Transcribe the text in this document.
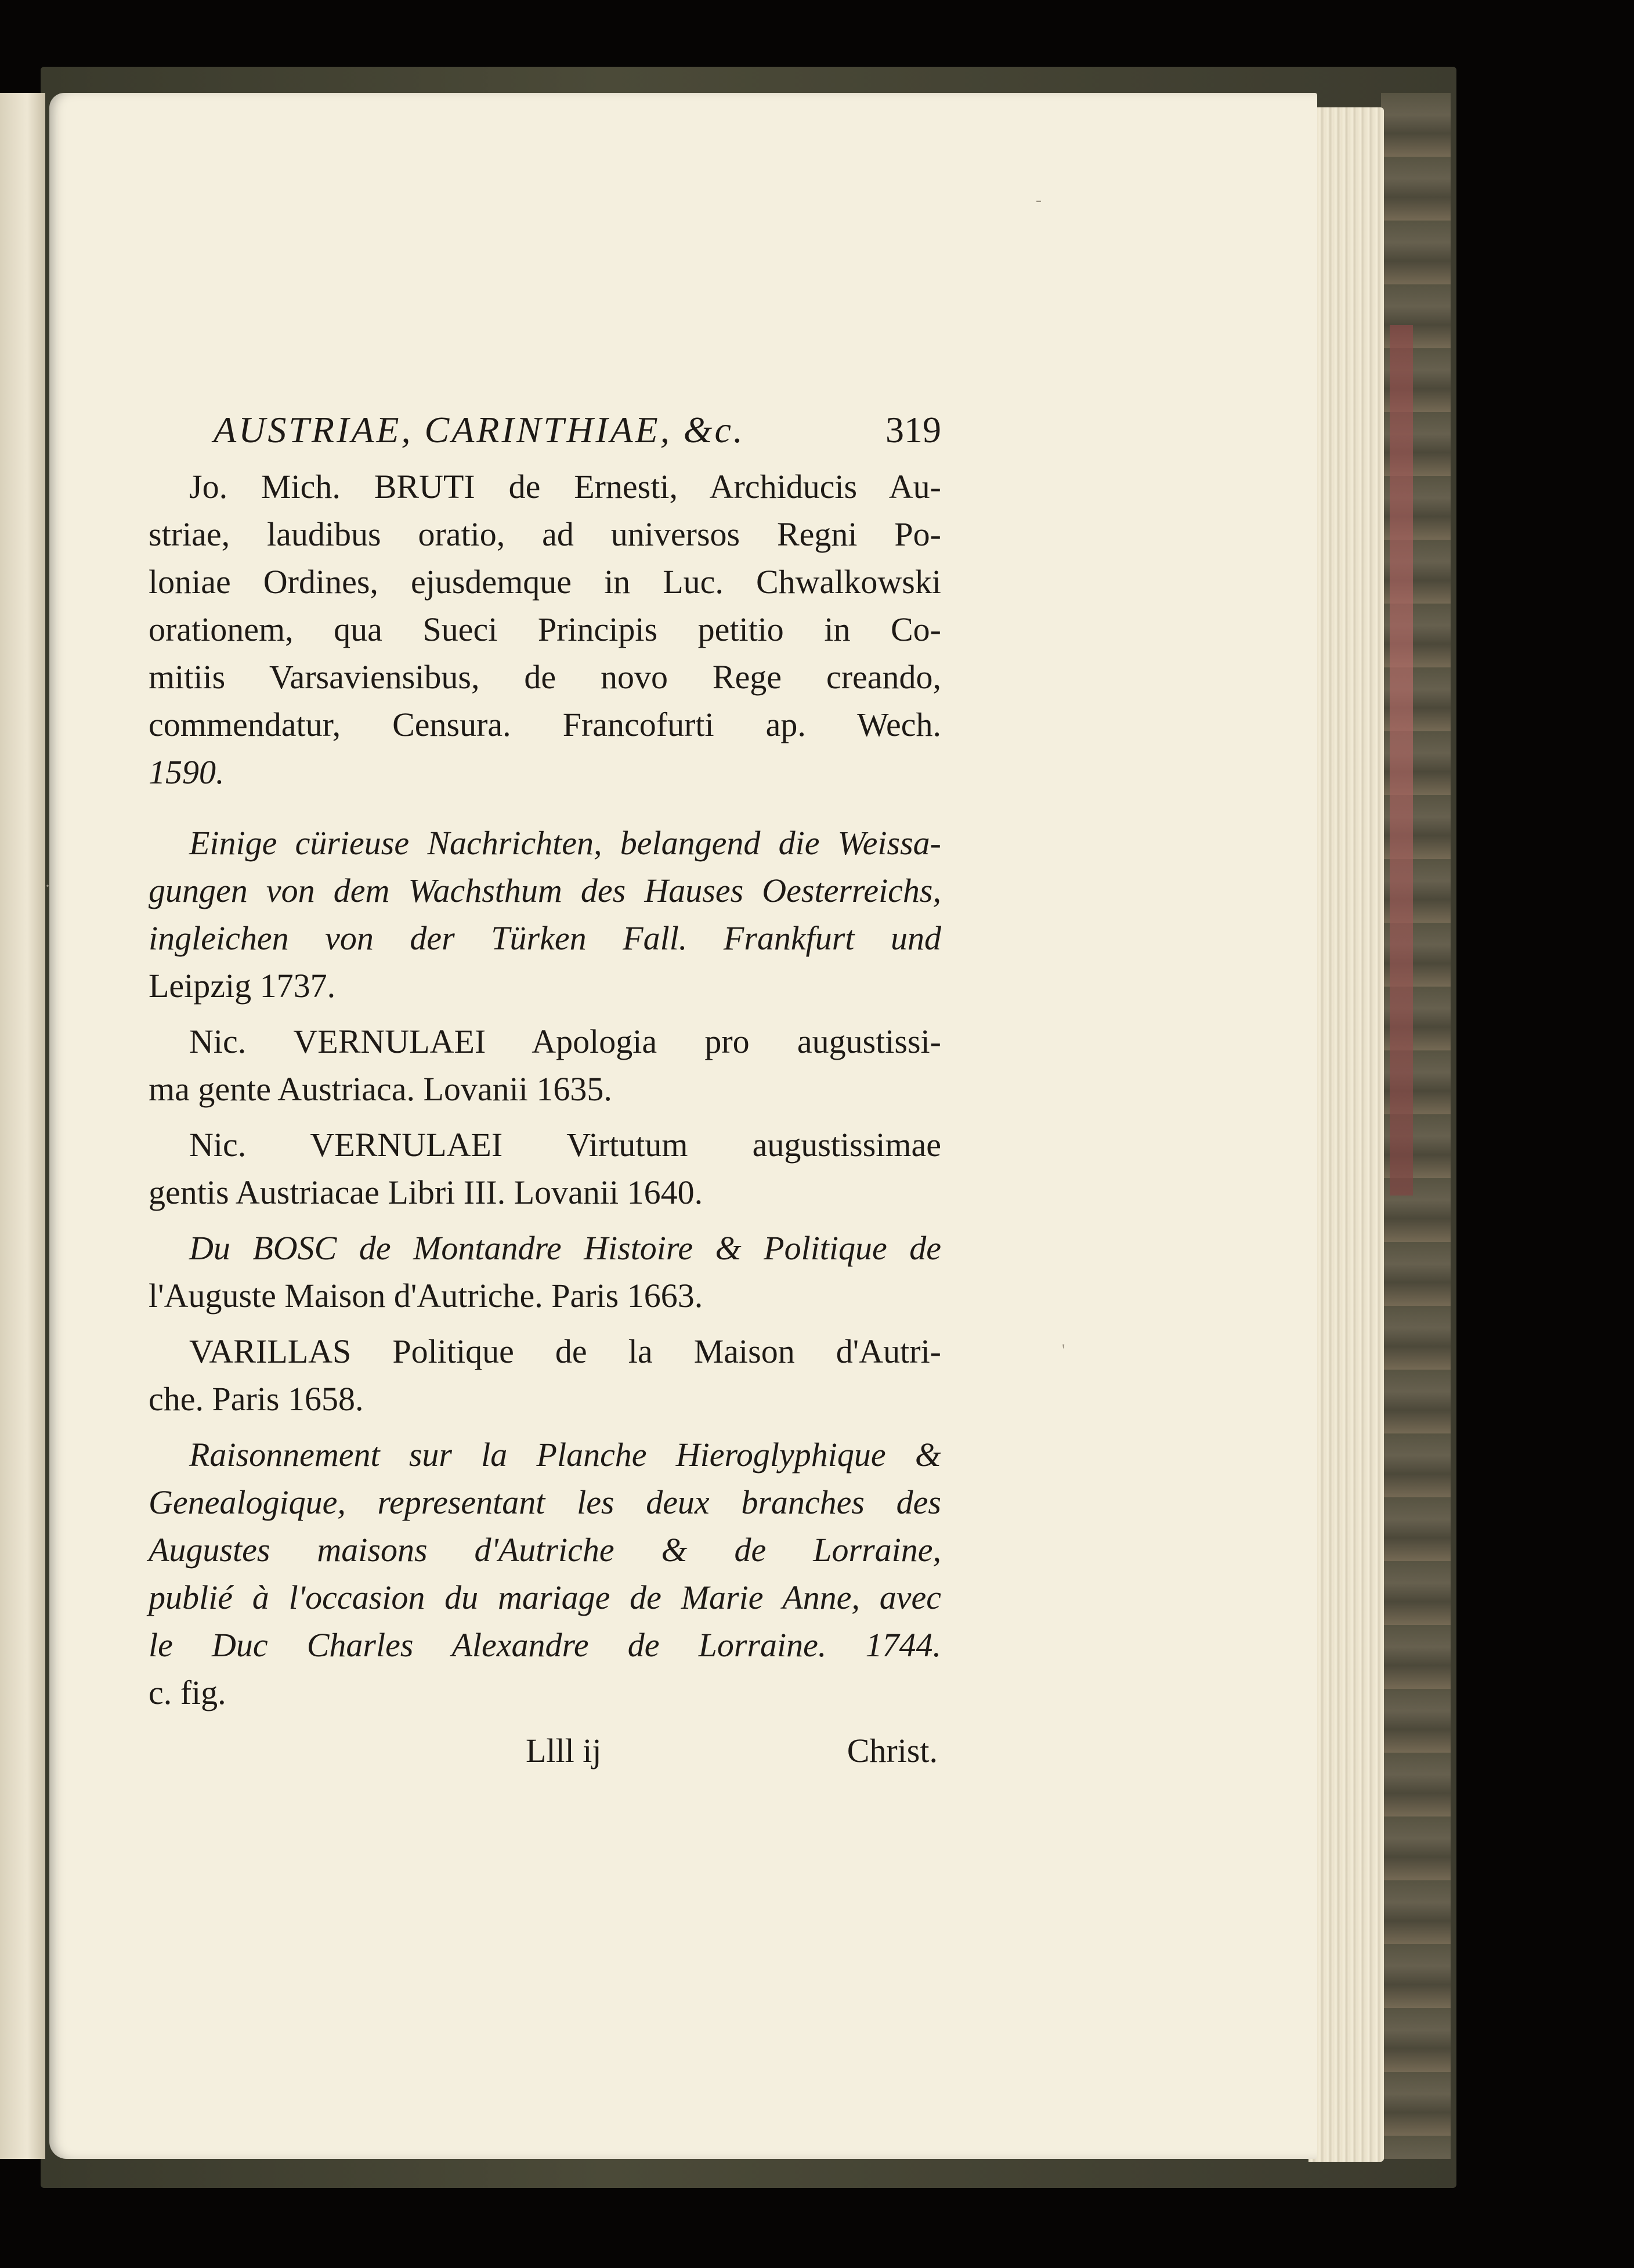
-
'
·
AUSTRIAE, CARINTHIAE, &c.	319
Jo. Mich. BRUTI de Ernesti, Archiducis Au-
striae, laudibus oratio, ad universos Regni Po-
loniae Ordines, ejusdemque in Luc. Chwalkowski
orationem, qua Sueci Principis petitio in Co-
mitiis Varsaviensibus, de novo Rege creando,
commendatur, Censura. Francofurti ap. Wech.
1590.
Einige cürieuse Nachrichten, belangend die Weissa-
gungen von dem Wachsthum des Hauses Oesterreichs,
ingleichen von der Türken Fall. Frankfurt und
Leipzig 1737.
Nic. VERNULAEI Apologia pro augustissi-
ma gente Austriaca. Lovanii 1635.
Nic. VERNULAEI Virtutum augustissimae
gentis Austriacae Libri III. Lovanii 1640.
Du BOSC de Montandre Histoire & Politique de
l'Auguste Maison d'Autriche. Paris 1663.
VARILLAS Politique de la Maison d'Autri-
che. Paris 1658.
Raisonnement sur la Planche Hieroglyphique &
Genealogique, representant les deux branches des
Augustes maisons d'Autriche & de Lorraine,
publié à l'occasion du mariage de Marie Anne, avec
le Duc Charles Alexandre de Lorraine. 1744.
c. fig.
Llll ij	Christ.
